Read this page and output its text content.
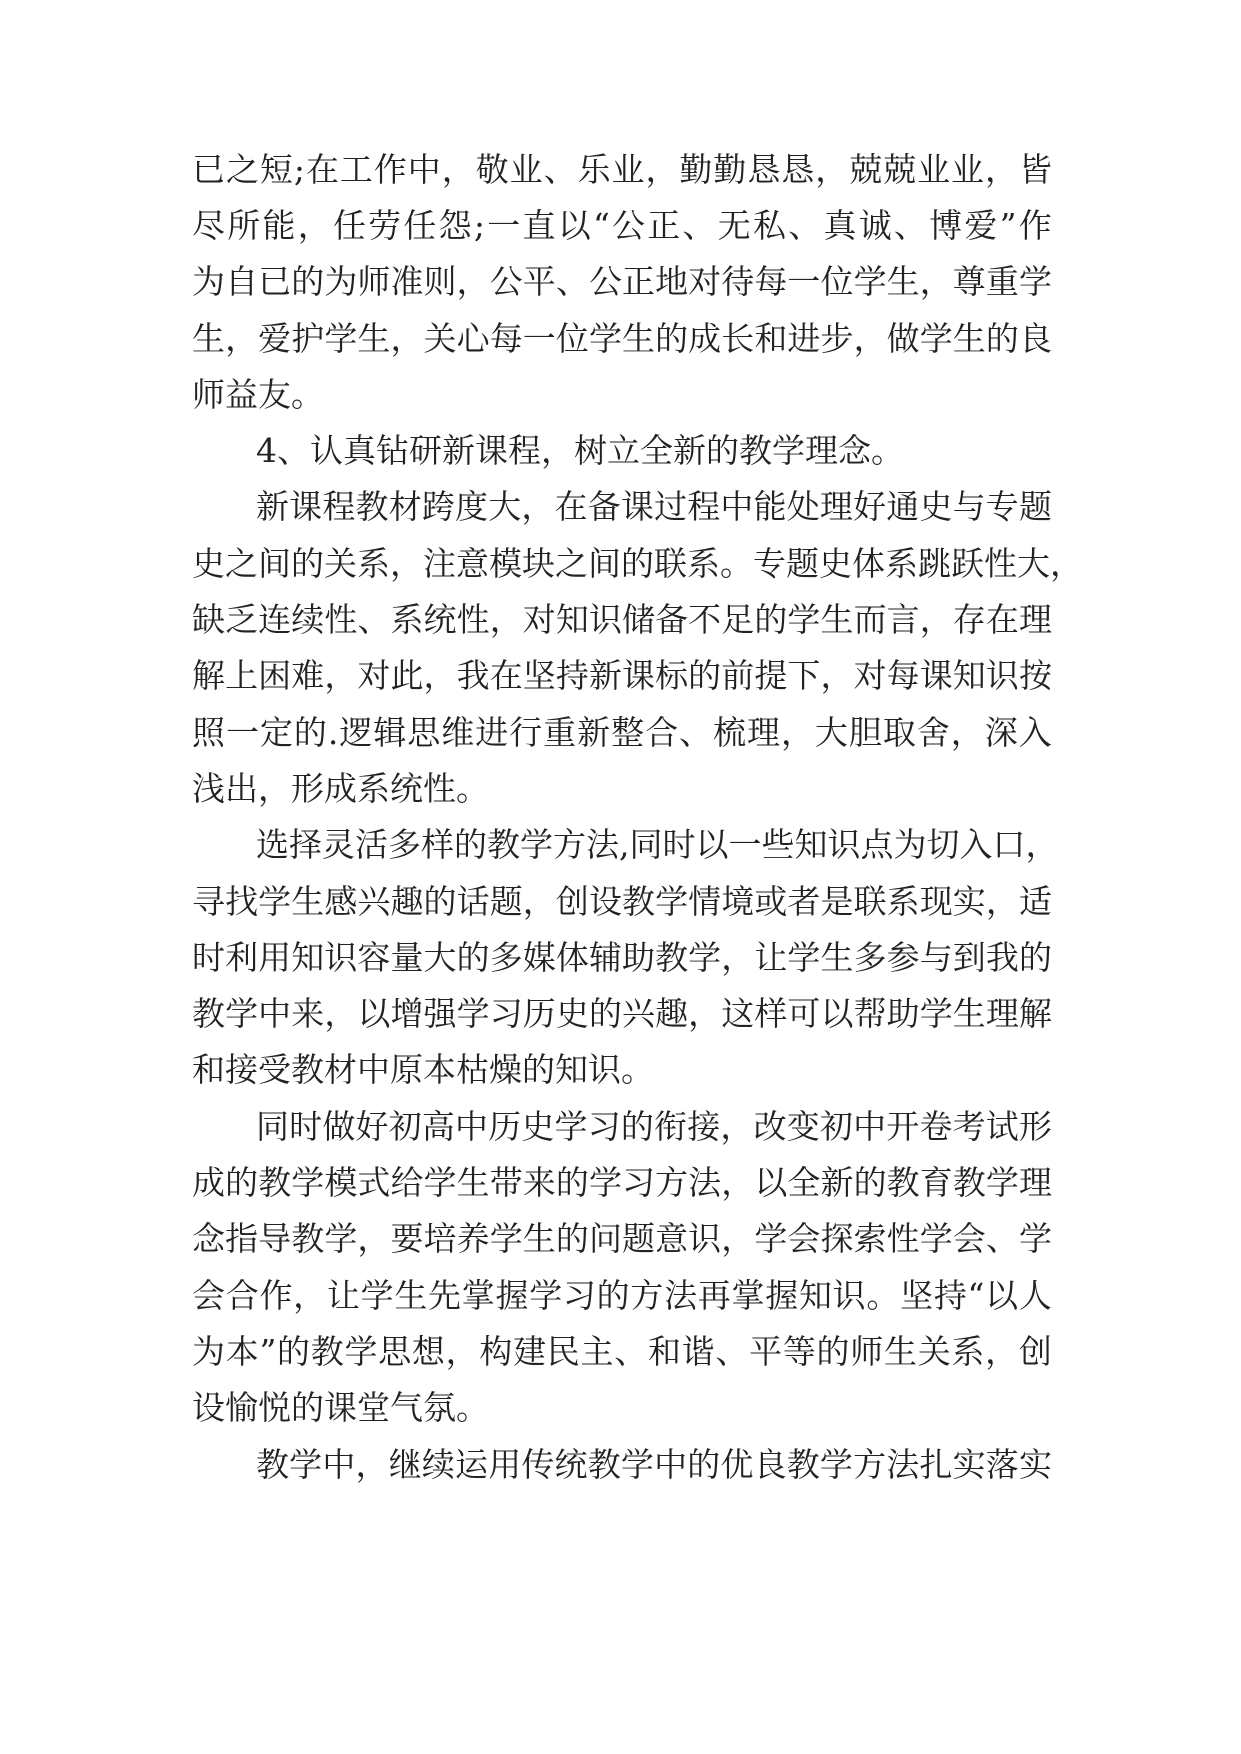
已 之 短 ; 在 工 作 中 ， 敬 业 、 乐 业 ， 勤 勤 恳 恳 ， 兢 兢 业 业 ， 皆
尽 所 能 ， 任 劳 任 怨 ; 一 直 以 “ 公 正 、 无 私 、 真 诚 、 博 爱 ” 作
为 自 已 的 为 师 准 则 ， 公 平 、 公 正 地 对 待 每 一 位 学 生 ， 尊 重 学
生 ， 爱 护 学 生 ， 关 心 每 一 位 学 生 的 成 长 和 进 步 ， 做 学 生 的 良
师益友。
4、认真钻研新课程，树立全新的教学理念。
新 课 程 教 材 跨 度 大 ， 在 备 课 过 程 中 能 处 理 好 通 史 与 专 题
史 之 间 的 关 系 ， 注 意 模 块 之 间 的 联 系 。 专 题 史 体 系 跳 跃 性 大 ，
缺 乏 连 续 性 、 系 统 性 ， 对 知 识 储 备 不 足 的 学 生 而 言 ， 存 在 理
解 上 困 难 ， 对 此 ， 我 在 坚 持 新 课 标 的 前 提 下 ， 对 每 课 知 识 按
照 一 定 的 . 逻 辑 思 维 进 行 重 新 整 合 、 梳 理 ， 大 胆 取 舍 ， 深 入
浅出，形成系统性。
选 择 灵 活 多 样 的 教 学 方 法 , 同 时 以 一 些 知 识 点 为 切 入 口 ，
寻 找 学 生 感 兴 趣 的 话 题 ， 创 设 教 学 情 境 或 者 是 联 系 现 实 ， 适
时 利 用 知 识 容 量 大 的 多 媒 体 辅 助 教 学 ， 让 学 生 多 参 与 到 我 的
教 学 中 来 ， 以 增 强 学 习 历 史 的 兴 趣 ， 这 样 可 以 帮 助 学 生 理 解
和接受教材中原本枯燥的知识。
同 时 做 好 初 高 中 历 史 学 习 的 衔 接 ， 改 变 初 中 开 卷 考 试 形
成 的 教 学 模 式 给 学 生 带 来 的 学 习 方 法 ， 以 全 新 的 教 育 教 学 理
念 指 导 教 学 ， 要 培 养 学 生 的 问 题 意 识 ， 学 会 探 索 性 学 会 、 学
会 合 作 ， 让 学 生 先 掌 握 学 习 的 方 法 再 掌 握 知 识 。 坚 持 “ 以 人
为 本 ” 的 教 学 思 想 ， 构 建 民 主 、 和 谐 、 平 等 的 师 生 关 系 ， 创
设愉悦的课堂气氛。
教 学 中 ， 继 续 运 用 传 统 教 学 中 的 优 良 教 学 方 法 扎 实 落 实
